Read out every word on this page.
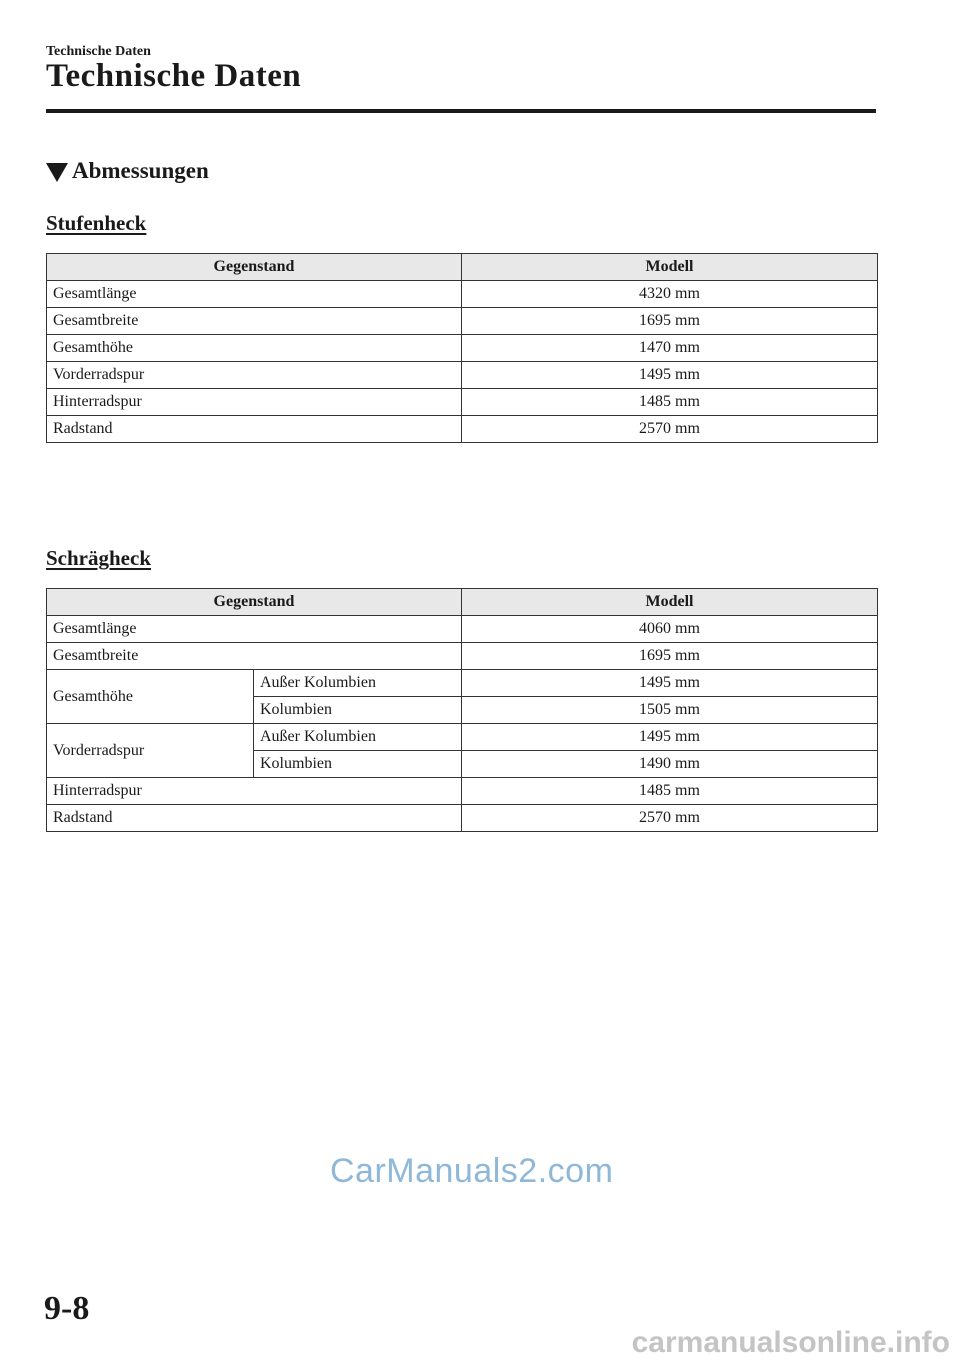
Technische Daten
Technische Daten
Abmessungen
Stufenheck
Gegenstand	Modell
Gesamtlänge	4320 mm
Gesamtbreite	1695 mm
Gesamthöhe	1470 mm
Vorderradspur	1495 mm
Hinterradspur	1485 mm
Radstand	2570 mm
Schrägheck
Gegenstand		Modell
Gesamtlänge		4060 mm
Gesamtbreite		1695 mm
Gesamthöhe	Außer Kolumbien	1495 mm
	Kolumbien	1505 mm
Vorderradspur	Außer Kolumbien	1495 mm
	Kolumbien	1490 mm
Hinterradspur		1485 mm
Radstand		2570 mm
CarManuals2.com
9-8
carmanualsonline.info
